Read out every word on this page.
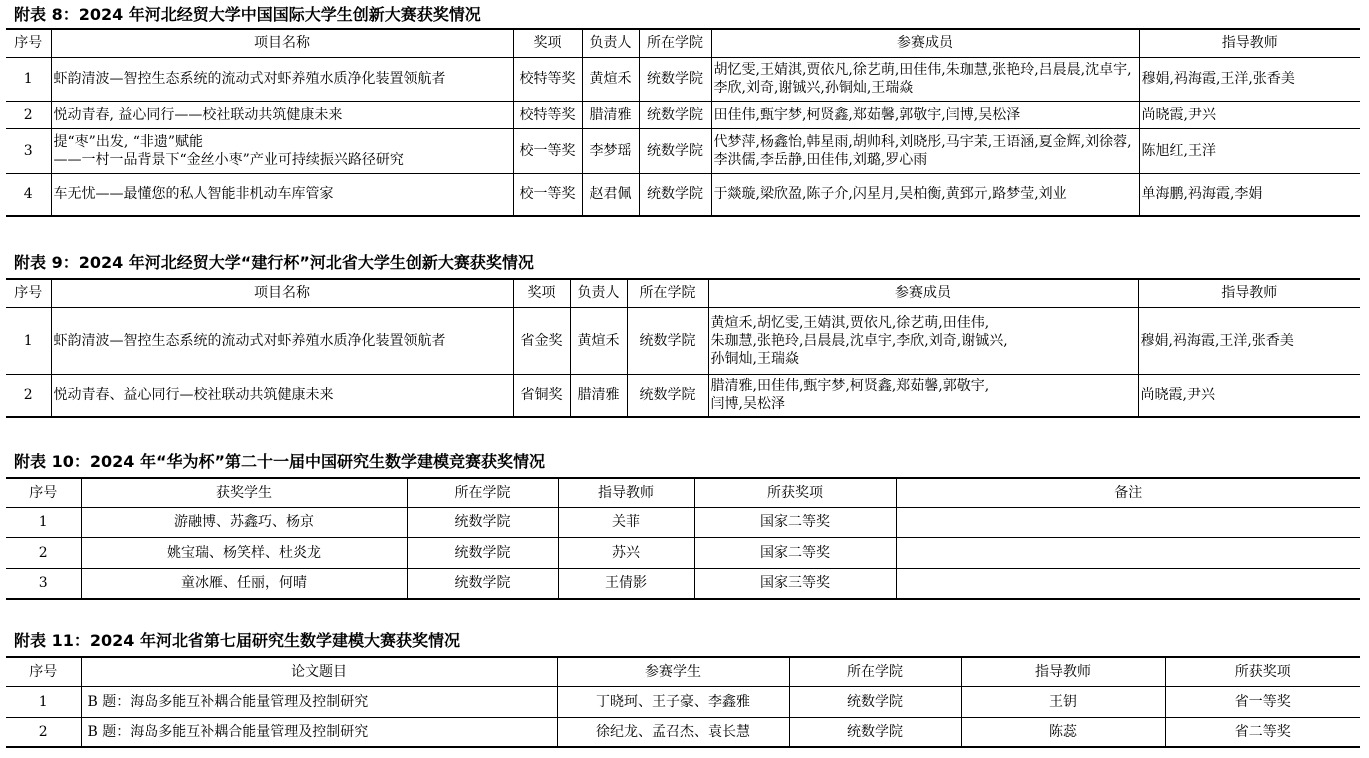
附表 8：2024 年河北经贸大学中国国际大学生创新大赛获奖情况
序号	项目名称	奖项	负责人	所在学院	参赛成员	指导教师
1	虾韵清波—智控生态系统的流动式对虾养殖水质净化装置领航者	校特等奖	黄煊禾	统数学院	胡忆雯,王婧淇,贾依凡,徐艺萌,田佳伟,朱珈慧,张艳玲,吕晨晨,沈卓宇,李欣,刘奇,谢铖兴,孙铜灿,王瑞焱	穆娟,祃海霞,王洋,张香美
2	悦动青春, 益心同行——校社联动共筑健康未来	校特等奖	腊清雅	统数学院	田佳伟,甄宇梦,柯贤鑫,郑茹馨,郭敬宇,闫博,吴松泽	尚晓霞,尹兴
3	提“枣”出发, “非遗”赋能
——一村一品背景下“金丝小枣”产业可持续振兴路径研究	校一等奖	李梦瑶	统数学院	代梦萍,杨鑫怡,韩星雨,胡帅科,刘晓彤,马宇茉,王语涵,夏金辉,刘徐蓉,李洪儒,李岳静,田佳伟,刘璐,罗心雨	陈旭红,王洋
4	车无忧——最懂您的私人智能非机动车库管家	校一等奖	赵君佩	统数学院	于燚璇,梁欣盈,陈子介,闪星月,吴柏衡,黄郅亓,路梦莹,刘业	单海鹏,祃海霞,李娟
附表 9：2024 年河北经贸大学“建行杯”河北省大学生创新大赛获奖情况
序号	项目名称	奖项	负责人	所在学院	参赛成员	指导教师
1	虾韵清波—智控生态系统的流动式对虾养殖水质净化装置领航者	省金奖	黄煊禾	统数学院	黄煊禾,胡忆雯,王婧淇,贾依凡,徐艺萌,田佳伟,
朱珈慧,张艳玲,吕晨晨,沈卓宇,李欣,刘奇,谢铖兴,
孙铜灿,王瑞焱	穆娟,祃海霞,王洋,张香美
2	悦动青春、益心同行—校社联动共筑健康未来	省铜奖	腊清雅	统数学院	腊清雅,田佳伟,甄宇梦,柯贤鑫,郑茹馨,郭敬宇,
闫博,吴松泽	尚晓霞,尹兴
附表 10：2024 年“华为杯”第二十一届中国研究生数学建模竞赛获奖情况
序号	获奖学生	所在学院	指导教师	所获奖项	备注
1	游融博、苏鑫巧、杨京	统数学院	关菲	国家二等奖	
2	姚宝瑞、杨笑样、杜炎龙	统数学院	苏兴	国家二等奖	
3	童冰雁、任丽，何晴	统数学院	王倩影	国家三等奖	
附表 11：2024 年河北省第七届研究生数学建模大赛获奖情况
序号	论文题目	参赛学生	所在学院	指导教师	所获奖项
1	B 题：海岛多能互补耦合能量管理及控制研究	丁晓珂、王子豪、李鑫雅	统数学院	王钥	省一等奖
2	B 题：海岛多能互补耦合能量管理及控制研究	徐纪龙、孟召杰、袁长慧	统数学院	陈蕊	省二等奖
